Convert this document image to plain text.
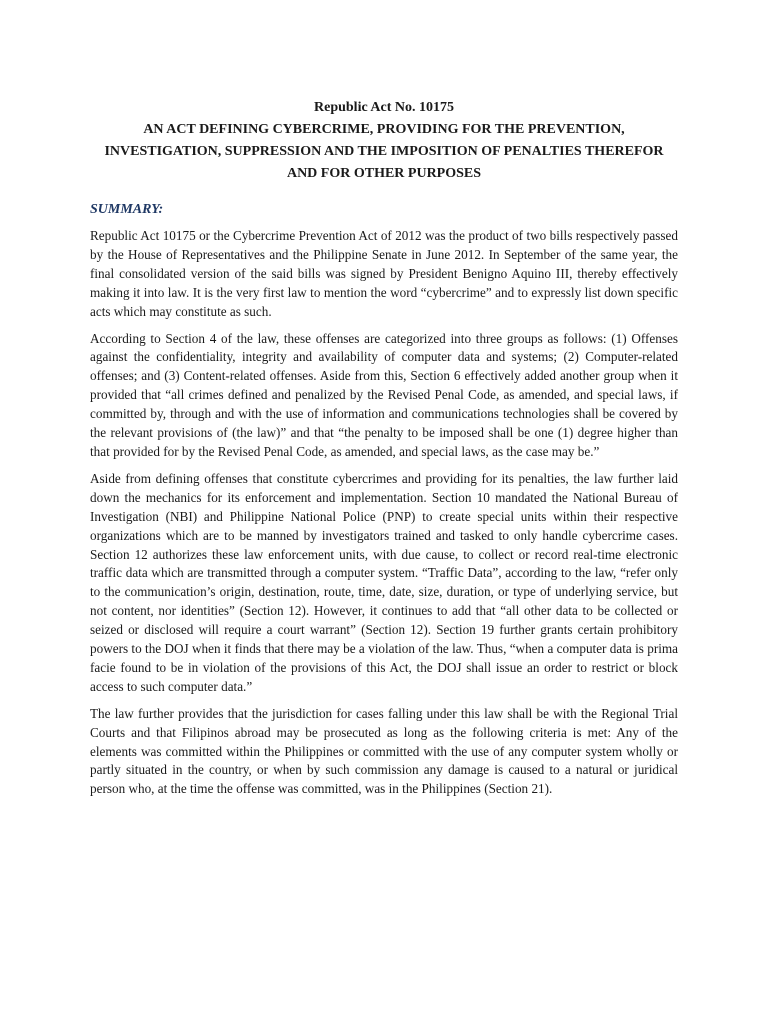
Republic Act No. 10175
AN ACT DEFINING CYBERCRIME, PROVIDING FOR THE PREVENTION, INVESTIGATION, SUPPRESSION AND THE IMPOSITION OF PENALTIES THEREFOR AND FOR OTHER PURPOSES
SUMMARY:

Republic Act 10175 or the Cybercrime Prevention Act of 2012 was the product of two bills respectively passed by the House of Representatives and the Philippine Senate in June 2012. In September of the same year, the final consolidated version of the said bills was signed by President Benigno Aquino III, thereby effectively making it into law. It is the very first law to mention the word “cybercrime” and to expressly list down specific acts which may constitute as such.

According to Section 4 of the law, these offenses are categorized into three groups as follows: (1) Offenses against the confidentiality, integrity and availability of computer data and systems; (2) Computer-related offenses; and (3) Content-related offenses. Aside from this, Section 6 effectively added another group when it provided that “all crimes defined and penalized by the Revised Penal Code, as amended, and special laws, if committed by, through and with the use of information and communications technologies shall be covered by the relevant provisions of (the law)” and that “the penalty to be imposed shall be one (1) degree higher than that provided for by the Revised Penal Code, as amended, and special laws, as the case may be.”

Aside from defining offenses that constitute cybercrimes and providing for its penalties, the law further laid down the mechanics for its enforcement and implementation. Section 10 mandated the National Bureau of Investigation (NBI) and Philippine National Police (PNP) to create special units within their respective organizations which are to be manned by investigators trained and tasked to only handle cybercrime cases. Section 12 authorizes these law enforcement units, with due cause, to collect or record real-time electronic traffic data which are transmitted through a computer system. “Traffic Data”, according to the law, “refer only to the communication’s origin, destination, route, time, date, size, duration, or type of underlying service, but not content, nor identities” (Section 12). However, it continues to add that “all other data to be collected or seized or disclosed will require a court warrant” (Section 12). Section 19 further grants certain prohibitory powers to the DOJ when it finds that there may be a violation of the law. Thus, “when a computer data is prima facie found to be in violation of the provisions of this Act, the DOJ shall issue an order to restrict or block access to such computer data.”

The law further provides that the jurisdiction for cases falling under this law shall be with the Regional Trial Courts and that Filipinos abroad may be prosecuted as long as the following criteria is met: Any of the elements was committed within the Philippines or committed with the use of any computer system wholly or partly situated in the country, or when by such commission any damage is caused to a natural or juridical person who, at the time the offense was committed, was in the Philippines (Section 21).
